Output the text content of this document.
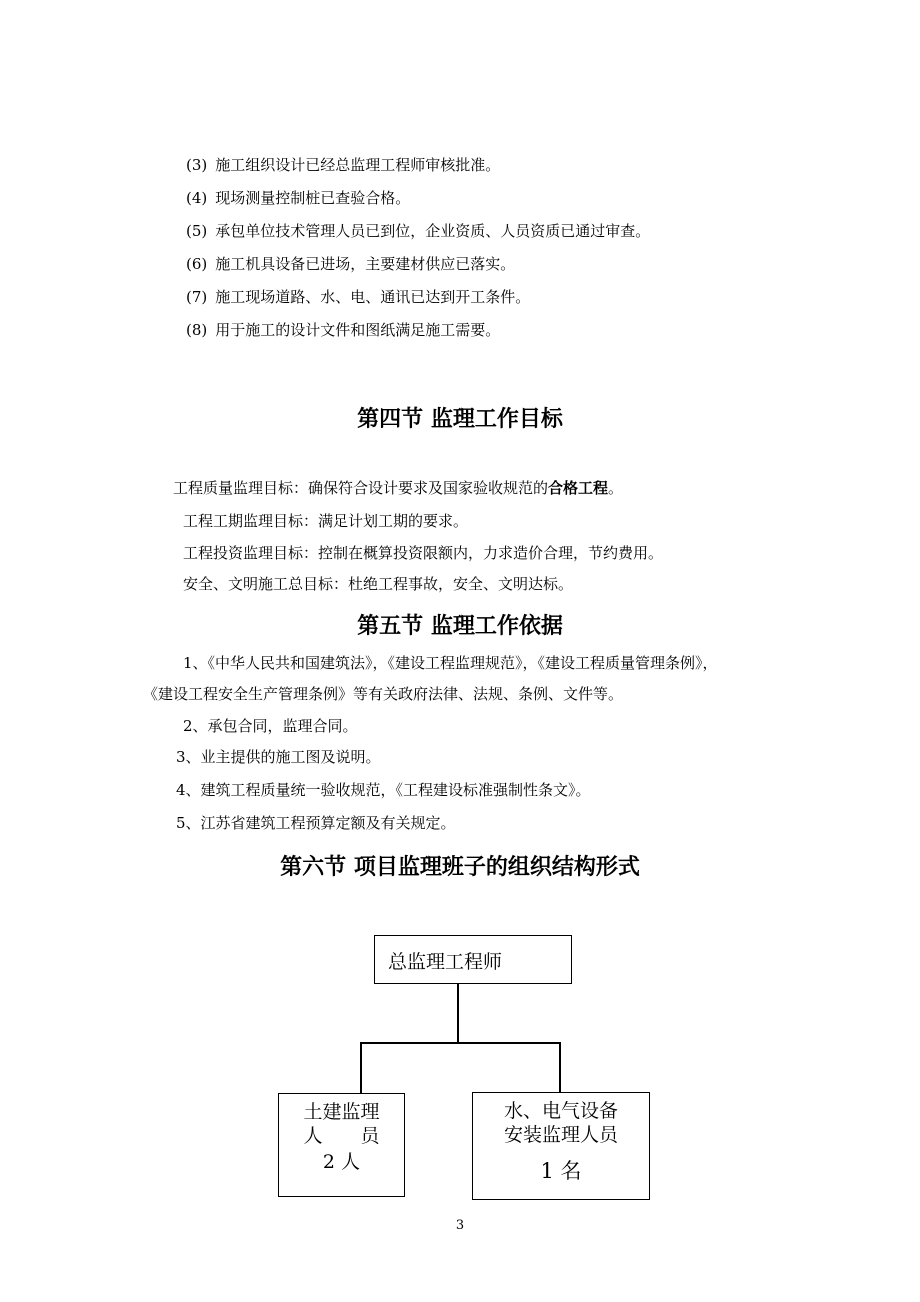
(3) 施工组织设计已经总监理工程师审核批准。
(4) 现场测量控制桩已查验合格。
(5) 承包单位技术管理人员已到位，企业资质、人员资质已通过审查。
(6) 施工机具设备已进场，主要建材供应已落实。
(7) 施工现场道路、水、电、通讯已达到开工条件。
(8) 用于施工的设计文件和图纸满足施工需要。
第四节 监理工作目标
工程质量监理目标：确保符合设计要求及国家验收规范的合格工程。
工程工期监理目标：满足计划工期的要求。
工程投资监理目标：控制在概算投资限额内，力求造价合理，节约费用。
安全、文明施工总目标：杜绝工程事故，安全、文明达标。
第五节 监理工作依据
1、《中华人民共和国建筑法》，《建设工程监理规范》，《建设工程质量管理条例》，
《建设工程安全生产管理条例》等有关政府法律、法规、条例、文件等。
2、承包合同，监理合同。
3、业主提供的施工图及说明。
4、建筑工程质量统一验收规范，《工程建设标准强制性条文》。
5、江苏省建筑工程预算定额及有关规定。
第六节 项目监理班子的组织结构形式
总监理工程师
土建监理
人　　员
2 人
水、电气设备
安装监理人员
1 名
3
